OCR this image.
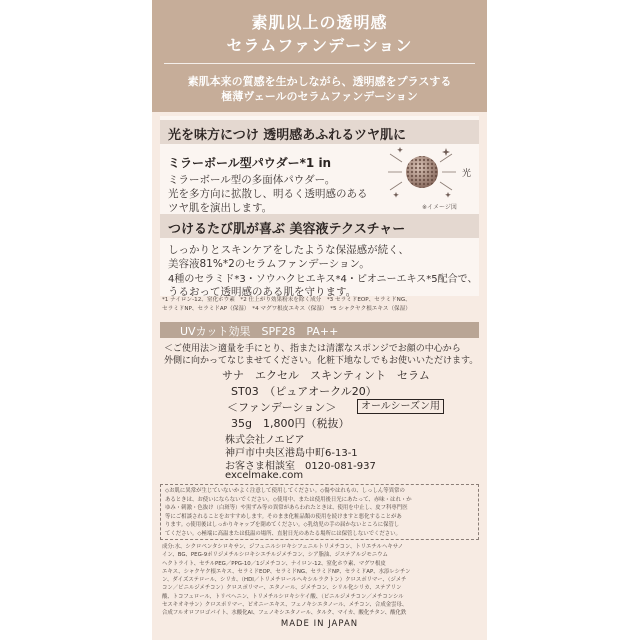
素肌以上の透明感
セラムファンデーション
素肌本来の質感を生かしながら、透明感をプラスする
極薄ヴェールのセラムファンデーション
光を味方につけ 透明感あふれるツヤ肌に
ミラーボール型パウダー*1 in
ミラーボール型の多面体パウダー。
光を多方向に拡散し、明るく透明感のある
ツヤ肌を演出します。
光
※イメージ図
つけるたび肌が喜ぶ 美容液テクスチャー
しっかりとスキンケアをしたような保湿感が続く、
美容液81%*2のセラムファンデーション。
4種のセラミド*3・ソウハクヒエキス*4・ピオニーエキス*5配合で、
うるおって透明感のある肌を守ります。
*1 ナイロン-12、窒化ホウ素　*2 仕上がり効果粉末を除く成分　*3 セラミドEOP、セラミドNG、
セラミドNP、セラミドAP（保湿）　*4 マグワ根皮エキス（保湿）　*5 シャクヤク根エキス（保湿）
UVカット効果　SPF28　PA++
＜ご使用法＞適量を手にとり、指または清潔なスポンジでお顔の中心から
外側に向かってなじませてください。化粧下地なしでもお使いいただけます。
サナ　エクセル　スキンティント　セラム
ST03　（ピュアオークル20）
＜ファンデーション＞	オールシーズン用
35g　1,800円（税抜）
株式会社ノエビア
神戸市中央区港島中町6-13-1
お客さま相談室　0120-081-937
excelmake.com
◇お肌に異常が生じていないかよく注意して使用してください。◇傷やはれもの、しっしん等異常の
あるときは、お使いにならないでください。◇使用中、または使用後日光にあたって、赤味・はれ・か
ゆみ・刺激・色抜け（白斑等）や黒ずみ等の異常があらわれたときは、使用を中止し、皮フ科専門医
等にご相談されることをおすすめします。そのまま化粧品類の使用を続けますと悪化することがあ
ります。◇使用後はしっかりキャップを閉めてください。◇乳幼児の手の届かないところに保管し
てください。◇極端に高温または低温の場所、直射日光のあたる場所には保管しないでください。
成分:水、シクロペンタシロキサン、ジフェニルシロキシフェニルトリメチコン、トリエチルヘキサノ
イン、BG、PEG-9ポリジメチルシロキシエチルジメチコン、シア脂油、ジステアルジモニウム
ヘクトライト、セチルPEG／PPG-10／1ジメチコン、ナイロン-12、窒化ホウ素、マグワ根皮
エキス、シャクヤク根エキス、セラミドEOP、セラミドNG、セラミドNP、セラミドAP、水添レシチン
ン、ダイズステロール、シリカ、（HDI／トリメチロールヘキシルラクトン）クロスポリマー、（ジメチ
コン／ビニルジメチコン）クロスポリマー、エタノール、ジメチコン、シリル化シリカ、ステアリン
酸、トコフェロール、トリベヘニン、トリメチルシロキシケイ酸、（ビニルジメチコン／メチコンシル
セスキオキサン）クロスポリマー、ピオニーエキス、フェノキシエタノール、メチコン、合成金雲母、
合成フルオロフロゴパイト、水酸化Al、フェノキシエタノール、タルク、マイカ、酸化チタン、酸化鉄
MADE IN JAPAN
